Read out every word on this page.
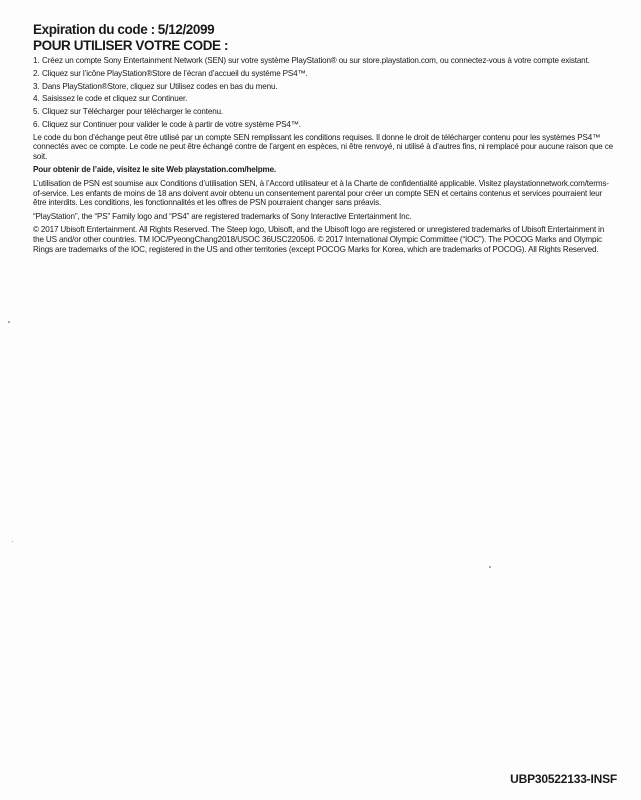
Expiration du code : 5/12/2099
POUR UTILISER VOTRE CODE :
1. Créez un compte Sony Entertainment Network (SEN) sur votre système PlayStation® ou sur store.playstation.com, ou connectez-vous à votre compte existant.
2. Cliquez sur l’icône PlayStation®Store de l’écran d’accueil du système PS4™.
3. Dans PlayStation®Store, cliquez sur Utilisez codes en bas du menu.
4. Saisissez le code et cliquez sur Continuer.
5. Cliquez sur Télécharger pour télécharger le contenu.
6. Cliquez sur Continuer pour valider le code à partir de votre système PS4™.

Le code du bon d’échange peut être utilisé par un compte SEN remplissant les conditions requises. Il donne le droit de télécharger contenu pour les systèmes PS4™ connectés avec ce compte. Le code ne peut être échangé contre de l’argent en espèces, ni être renvoyé, ni utilisé à d’autres fins, ni remplacé pour aucune raison que ce soit.

Pour obtenir de l’aide, visitez le site Web playstation.com/helpme.

L’utilisation de PSN est soumise aux Conditions d’utilisation SEN, à l’Accord utilisateur et à la Charte de confidentialité applicable. Visitez playstationnetwork.com/terms-of-service. Les enfants de moins de 18 ans doivent avoir obtenu un consentement parental pour créer un compte SEN et certains contenus et services pourraient leur être interdits. Les conditions, les fonctionnalités et les offres de PSN pourraient changer sans préavis.

“PlayStation”, the “PS” Family logo and “PS4” are registered trademarks of Sony Interactive Entertainment Inc.

© 2017 Ubisoft Entertainment. All Rights Reserved. The Steep logo, Ubisoft, and the Ubisoft logo are registered or unregistered trademarks of Ubisoft Entertainment in the US and/or other countries. TM IOC/PyeongChang2018/USOC 36USC220506. © 2017 International Olympic Committee (“IOC”). The POCOG Marks and Olympic Rings are trademarks of the IOC, registered in the US and other territories (except POCOG Marks for Korea, which are trademarks of POCOG). All Rights Reserved.

UBP30522133-INSF
